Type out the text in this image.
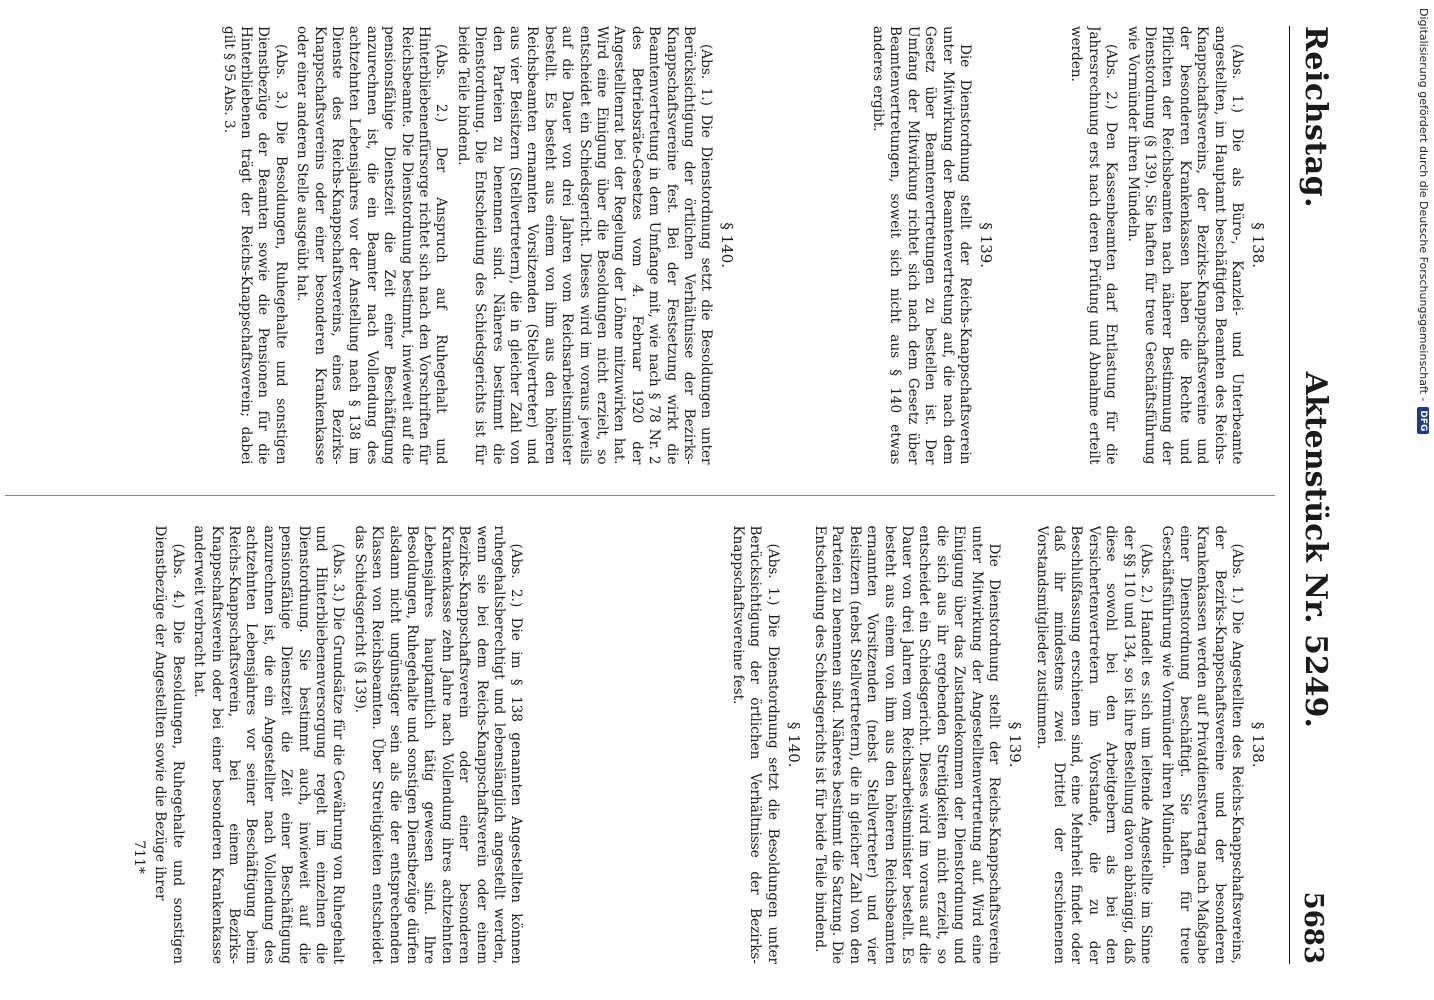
Reichstag.
Aktenstück Nr. 5249.
5683
§ 138.

(Abs. 1.) Die als Büro-, Kanzlei- und Unterbeamte angestellten, im Hauptamt beschäftigten Beamten des Reichs-Knappschaftsvereins, der Bezirks-Knappschaftsvereine und der besonderen Krankenkassen haben die Rechte und Pflichten der Reichsbeamten nach näherer Bestimmung der Dienstordnung (§ 139). Sie haften für treue Geschäftsführung wie Vormünder ihren Mündeln.

(Abs. 2.) Den Kassenbeamten darf Entlastung für die Jahresrechnung erst nach deren Prüfung und Abnahme erteilt werden.

§ 139.

Die Dienstordnung stellt der Reichs-Knappschaftsverein unter Mitwirkung der Beamtenvertretung auf, die nach dem Gesetz über Beamtenvertretungen zu bestellen ist. Der Umfang der Mitwirkung richtet sich nach dem Gesetz über Beamtenvertretungen, soweit sich nicht aus § 140 etwas anderes ergibt.

§ 140.

(Abs. 1.) Die Dienstordnung setzt die Besoldungen unter Berücksichtigung der örtlichen Verhältnisse der Bezirks-Knappschaftsvereine fest. Bei der Festsetzung wirkt die Beamtenvertretung in dem Umfange mit, wie nach § 78 Nr. 2 des Betriebsräte-Gesetzes vom 4. Februar 1920 der Angestelltenrat bei der Regelung der Löhne mitzuwirken hat. Wird eine Einigung über die Besoldungen nicht erzielt, so entscheidet ein Schiedsgericht. Dieses wird im voraus jeweils auf die Dauer von drei Jahren vom Reichsarbeitsminister bestellt. Es besteht aus einem von ihm aus den höheren Reichsbeamten ernannten Vorsitzenden (Stellvertreter) und aus vier Beisitzern (Stellvertretern), die in gleicher Zahl von den Parteien zu benennen sind. Näheres bestimmt die Dienstordnung. Die Entscheidung des Schiedsgerichts ist für beide Teile bindend.

(Abs. 2.) Der Anspruch auf Ruhegehalt und Hinterbliebenenfürsorge richtet sich nach den Vorschriften für Reichsbeamte. Die Dienstordnung bestimmt, inwieweit auf die pensionsfähige Dienstzeit die Zeit einer Beschäftigung anzurechnen ist, die ein Beamter nach Vollendung des achtzehnten Lebensjahres vor der Anstellung nach § 138 im Dienste des Reichs-Knappschaftsvereins, eines Bezirks-Knappschaftsvereins oder einer besonderen Krankenkasse oder einer anderen Stelle ausgeübt hat.

(Abs. 3.) Die Besoldungen, Ruhegehalte und sonstigen Dienstbezüge der Beamten sowie die Pensionen für die Hinterbliebenen trägt der Reichs-Knappschaftsverein; dabei gilt § 95 Abs. 3.

§ 138.

(Abs. 1.) Die Angestellten des Reichs-Knappschaftsvereins, der Bezirks-Knappschaftsvereine und der besonderen Krankenkassen werden auf Privatdienstvertrag nach Maßgabe einer Dienstordnung beschäftigt. Sie haften für treue Geschäftsführung wie Vormünder ihren Mündeln.

(Abs. 2.) Handelt es sich um leitende Angestellte im Sinne der §§ 110 und 134, so ist ihre Bestellung davon abhängig, daß diese sowohl bei den Arbeitgebern als bei den Versichertenvertretern im Vorstande, die zu der Beschlußfassung erschienen sind, eine Mehrheit findet oder daß ihr mindestens zwei Drittel der erschienenen Vorstandsmitglieder zustimmen.

§ 139.

Die Dienstordnung stellt der Reichs-Knappschaftsverein unter Mitwirkung der Angestelltenvertretung auf. Wird eine Einigung über das Zustandekommen der Dienstordnung und die sich aus ihr ergebenden Streitigkeiten nicht erzielt, so entscheidet ein Schiedsgericht. Dieses wird im voraus auf die Dauer von drei Jahren vom Reichsarbeitsminister bestellt. Es besteht aus einem von ihm aus den höheren Reichsbeamten ernannten Vorsitzenden (nebst Stellvertreter) und vier Beisitzern (nebst Stellvertretern), die in gleicher Zahl von den Parteien zu benennen sind. Näheres bestimmt die Satzung. Die Entscheidung des Schiedsgerichts ist für beide Teile bindend.

§ 140.

(Abs. 1.) Die Dienstordnung setzt die Besoldungen unter Berücksichtigung der örtlichen Verhältnisse der Bezirks-Knappschaftsvereine fest.

(Abs. 2.) Die im § 138 genannten Angestellten können ruhegehaltsberechtigt und lebenslänglich angestellt werden, wenn sie bei dem Reichs-Knappschaftsverein oder einem Bezirks-Knappschaftsverein oder einer besonderen Krankenkasse zehn Jahre nach Vollendung ihres achtzehnten Lebensjahres hauptamtlich tätig gewesen sind. Ihre Besoldungen, Ruhegehalte und sonstigen Dienstbezüge dürfen alsdann nicht ungünstiger sein als die der entsprechenden Klassen von Reichsbeamten. Über Streitigkeiten entscheidet das Schiedsgericht (§ 139).

(Abs. 3.) Die Grundsätze für die Gewährung von Ruhegehalt und Hinterbliebenenversorgung regelt im einzelnen die Dienstordnung. Sie bestimmt auch, inwieweit auf die pensionsfähige Dienstzeit die Zeit einer Beschäftigung anzurechnen ist, die ein Angestellter nach Vollendung des achtzehnten Lebensjahres vor seiner Beschäftigung beim Reichs-Knappschaftsverein, bei einem Bezirks-Knappschaftsverein oder bei einer besonderen Krankenkasse anderweit verbracht hat.

(Abs. 4.) Die Besoldungen, Ruhegehalte und sonstigen Dienstbezüge der Angestellten sowie die Bezüge ihrer

711*
Digitalisierung gefördert durch die Deutsche Forschungsgemeinschaft -
DFG
